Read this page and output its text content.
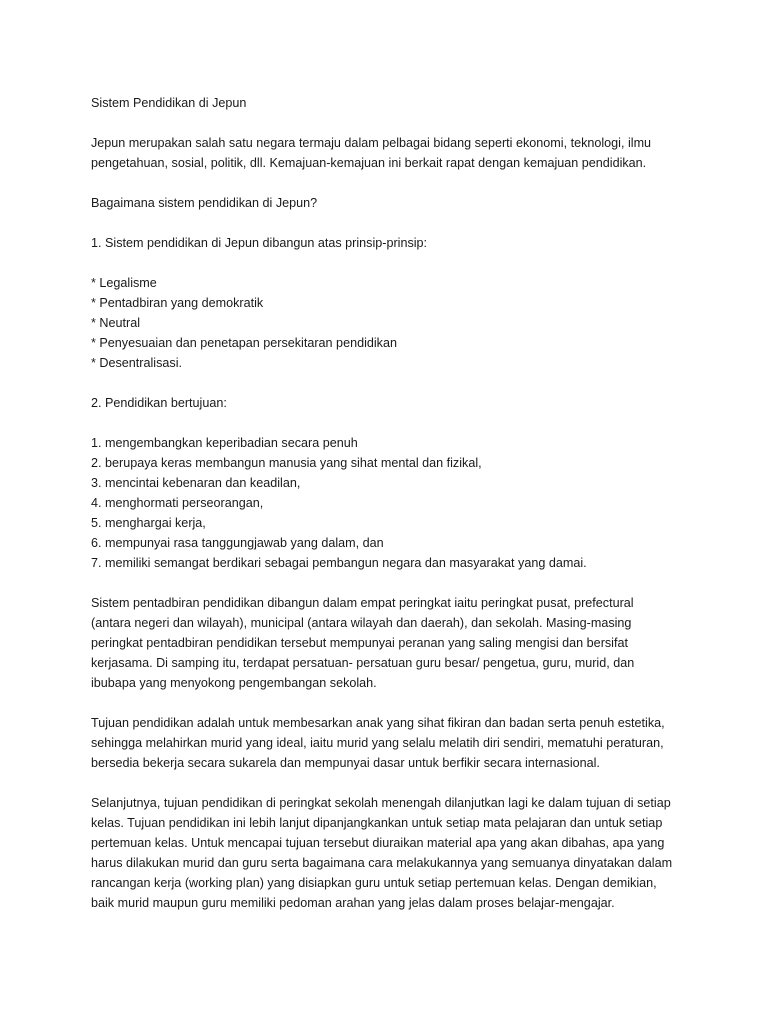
Sistem Pendidikan di Jepun
Jepun merupakan salah satu negara termaju dalam pelbagai bidang seperti ekonomi, teknologi, ilmu
pengetahuan, sosial, politik, dll. Kemajuan-kemajuan ini berkait rapat dengan kemajuan pendidikan.
Bagaimana sistem pendidikan di Jepun?
1. Sistem pendidikan di Jepun dibangun atas prinsip-prinsip:
* Legalisme
* Pentadbiran yang demokratik
* Neutral
* Penyesuaian dan penetapan persekitaran pendidikan
* Desentralisasi.
2. Pendidikan bertujuan:
1. mengembangkan keperibadian secara penuh
2. berupaya keras membangun manusia yang sihat mental dan fizikal,
3. mencintai kebenaran dan keadilan,
4. menghormati perseorangan,
5. menghargai kerja,
6. mempunyai rasa tanggungjawab yang dalam, dan
7. memiliki semangat berdikari sebagai pembangun negara dan masyarakat yang damai.
Sistem pentadbiran pendidikan dibangun dalam empat peringkat iaitu peringkat pusat, prefectural
(antara negeri dan wilayah), municipal (antara wilayah dan daerah), dan sekolah. Masing-masing
peringkat pentadbiran pendidikan tersebut mempunyai peranan yang saling mengisi dan bersifat
kerjasama. Di samping itu, terdapat persatuan- persatuan guru besar/ pengetua, guru, murid, dan
ibubapa yang menyokong pengembangan sekolah.
Tujuan pendidikan adalah untuk membesarkan anak yang sihat fikiran dan badan serta penuh estetika,
sehingga melahirkan murid yang ideal, iaitu murid yang selalu melatih diri sendiri, mematuhi peraturan,
bersedia bekerja secara sukarela dan mempunyai dasar untuk berfikir secara internasional.
Selanjutnya, tujuan pendidikan di peringkat sekolah menengah dilanjutkan lagi ke dalam tujuan di setiap
kelas. Tujuan pendidikan ini lebih lanjut dipanjangkankan untuk setiap mata pelajaran dan untuk setiap
pertemuan kelas. Untuk mencapai tujuan tersebut diuraikan material apa yang akan dibahas, apa yang
harus dilakukan murid dan guru serta bagaimana cara melakukannya yang semuanya dinyatakan dalam
rancangan kerja (working plan) yang disiapkan guru untuk setiap pertemuan kelas. Dengan demikian,
baik murid maupun guru memiliki pedoman arahan yang jelas dalam proses belajar-mengajar.
